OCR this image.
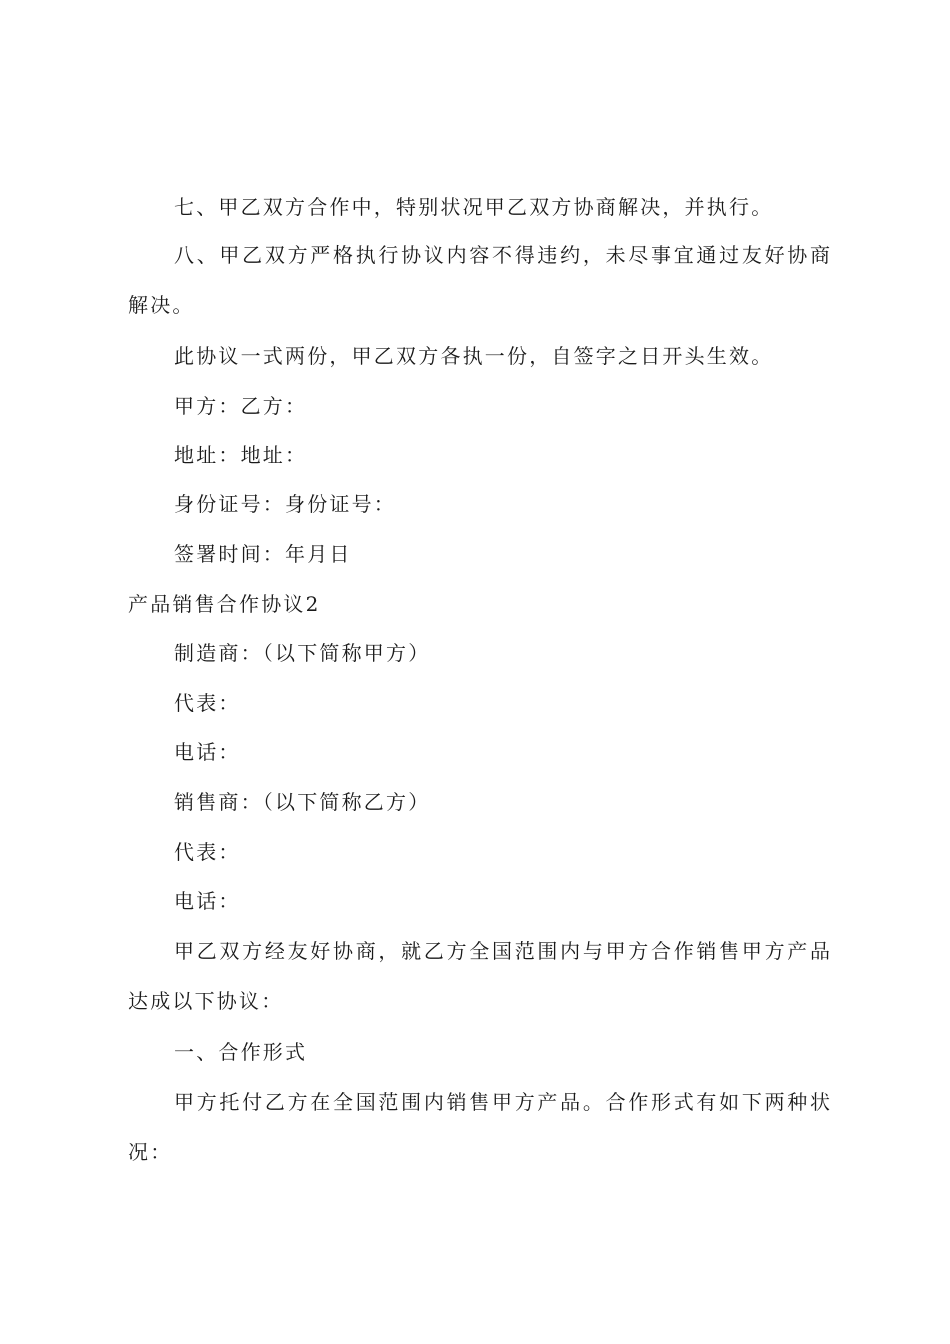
七、甲乙双方合作中，特别状况甲乙双方协商解决，并执行。
八、甲乙双方严格执行协议内容不得违约，未尽事宜通过友好协商
解决。
此协议一式两份，甲乙双方各执一份，自签字之日开头生效。
甲方：乙方：
地址：地址：
身份证号：身份证号：
签署时间：年月日
产品销售合作协议2
制造商：（以下简称甲方）
代表：
电话：
销售商：（以下简称乙方）
代表：
电话：
甲乙双方经友好协商，就乙方全国范围内与甲方合作销售甲方产品
达成以下协议：
一、合作形式
甲方托付乙方在全国范围内销售甲方产品。合作形式有如下两种状
况：
